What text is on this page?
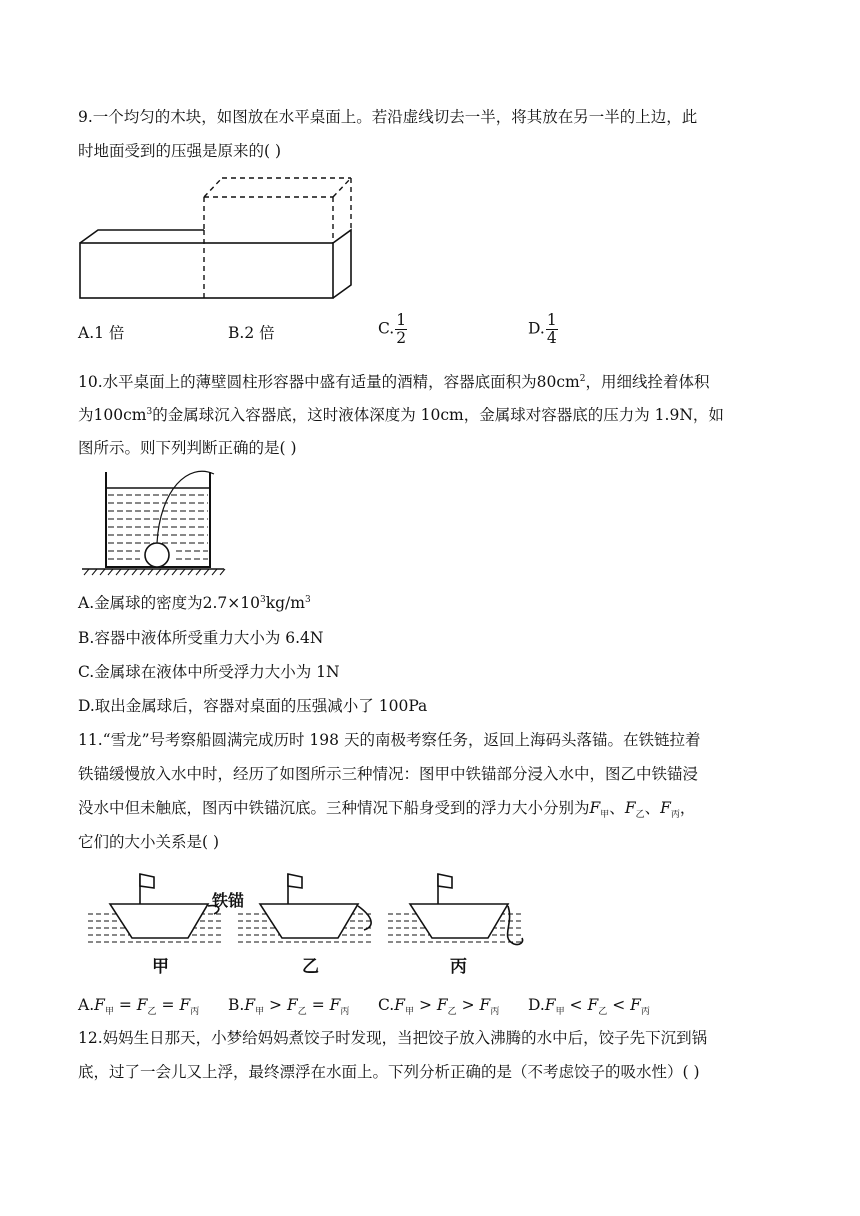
9.一个均匀的木块，如图放在水平桌面上。若沿虚线切去一半，将其放在另一半的上边，此
时地面受到的压强是原来的( )
A.1 倍	B.2 倍	C. $\frac{1}{2}$	D. $\frac{1}{4}$
10.水平桌面上的薄壁圆柱形容器中盛有适量的酒精，容器底面积为$80cm^2$，用细线拴着体积
为$100cm^3$的金属球沉入容器底，这时液体深度为 10cm，金属球对容器底的压力为 1.9N，如
图所示。则下列判断正确的是( )
A.金属球的密度为$2.7\times 10^3kg/m^3$
B.容器中液体所受重力大小为 6.4N
C.金属球在液体中所受浮力大小为 1N
D.取出金属球后，容器对桌面的压强减小了 100Pa
11.“雪龙”号考察船圆满完成历时 198 天的南极考察任务，返回上海码头落锚。在铁链拉着
铁锚缓慢放入水中时，经历了如图所示三种情况：图甲中铁锚部分浸入水中，图乙中铁锚浸
没水中但未触底，图丙中铁锚沉底。三种情况下船身受到的浮力大小分别为$F_甲$、$F_乙$、$F_丙$，
它们的大小关系是( )
铁锚
甲	乙	丙
$A.F_甲 = F_乙 = F_丙$ $B.F_甲 > F_乙 = F_丙$ $C.F_甲 > F_乙 > F_丙$ $D.F_甲 < F_乙 < F_丙$
12.妈妈生日那天，小梦给妈妈煮饺子时发现，当把饺子放入沸腾的水中后，饺子先下沉到锅
底，过了一会儿又上浮，最终漂浮在水面上。下列分析正确的是（不考虑饺子的吸水性）( )
